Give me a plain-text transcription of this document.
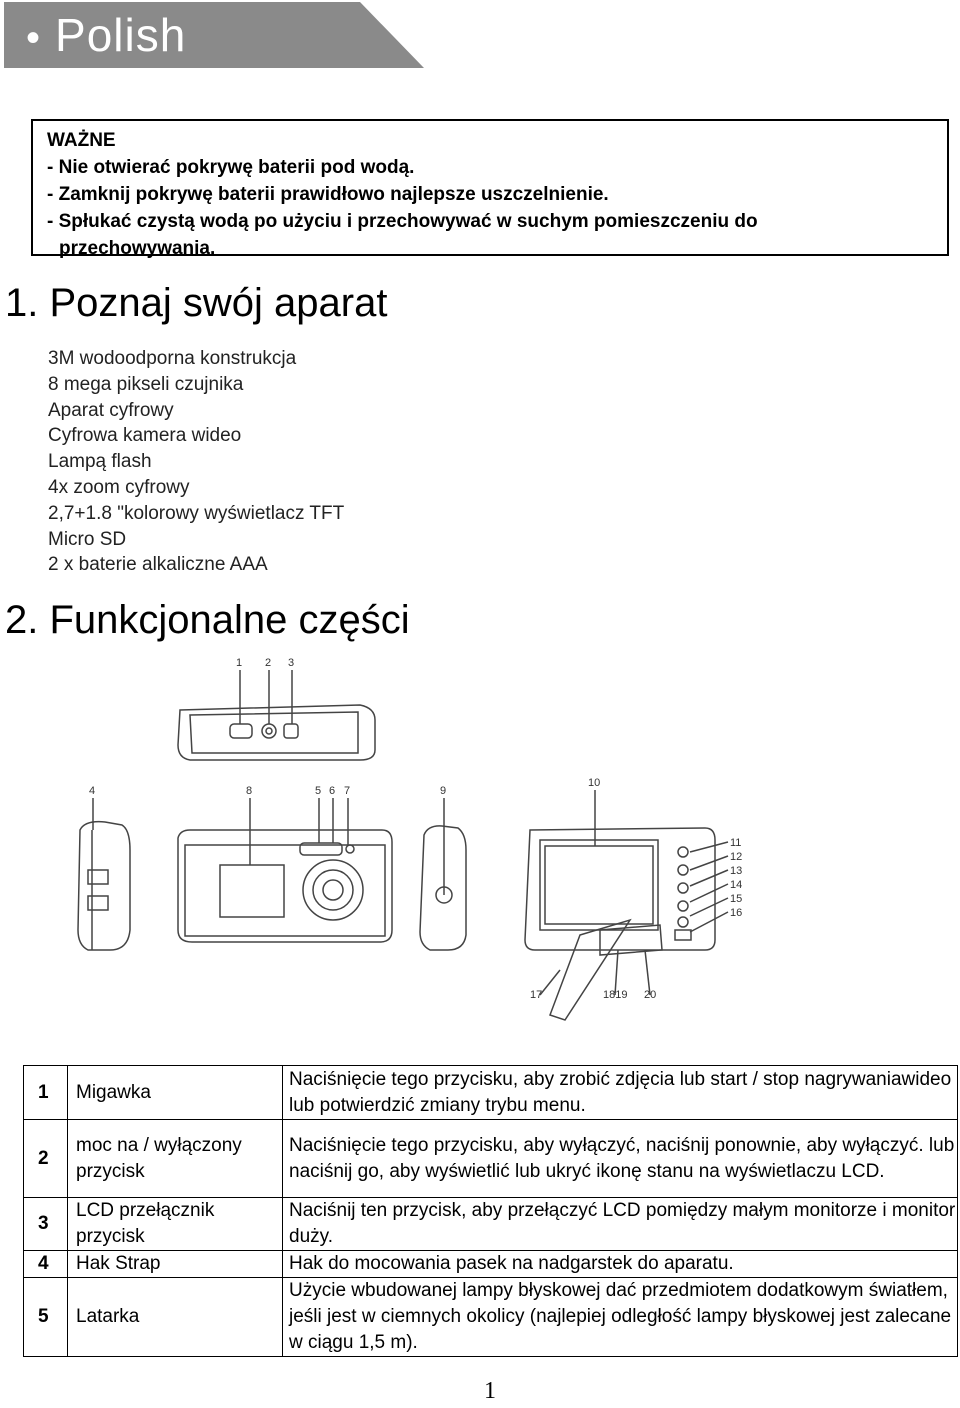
• Polish
WAŻNE
- Nie otwierać pokrywę baterii pod wodą.
- Zamknij pokrywę baterii prawidłowo najlepsze uszczelnienie.
- Spłukać czystą wodą po użyciu i przechowywać w suchym pomieszczeniu do
przechowywania.
1. Poznaj swój aparat
3M wodoodporna konstrukcja
8 mega pikseli czujnika
Aparat cyfrowy
Cyfrowa kamera wideo
Lampą flash
4x zoom cyfrowy
2,7+1.8 "kolorowy wyświetlacz TFT
Micro SD
2 x baterie alkaliczne AAA
2. Funkcjonalne części
1 2 3
4	8	5 6 7	9
10
11
12
13
14
15
16
17	1819 20
1	Migawka	Naciśnięcie tego przycisku, aby zrobić zdjęcia lub start / stop nagrywaniawideo lub potwierdzić zmiany trybu menu.
2	moc na / wyłączony przycisk	Naciśnięcie tego przycisku, aby wyłączyć, naciśnij ponownie, aby wyłączyć. lub naciśnij go, aby wyświetlić lub ukryć ikonę stanu na wyświetlaczu LCD.
3	LCD przełącznik przycisk	Naciśnij ten przycisk, aby przełączyć LCD pomiędzy małym monitorze i monitor duży.
4	Hak Strap	Hak do mocowania pasek na nadgarstek do aparatu.
5	Latarka	Użycie wbudowanej lampy błyskowej dać przedmiotem dodatkowym światłem, jeśli jest w ciemnych okolicy (najlepiej odległość lampy błyskowej jest zalecane w ciągu 1,5 m).
1
